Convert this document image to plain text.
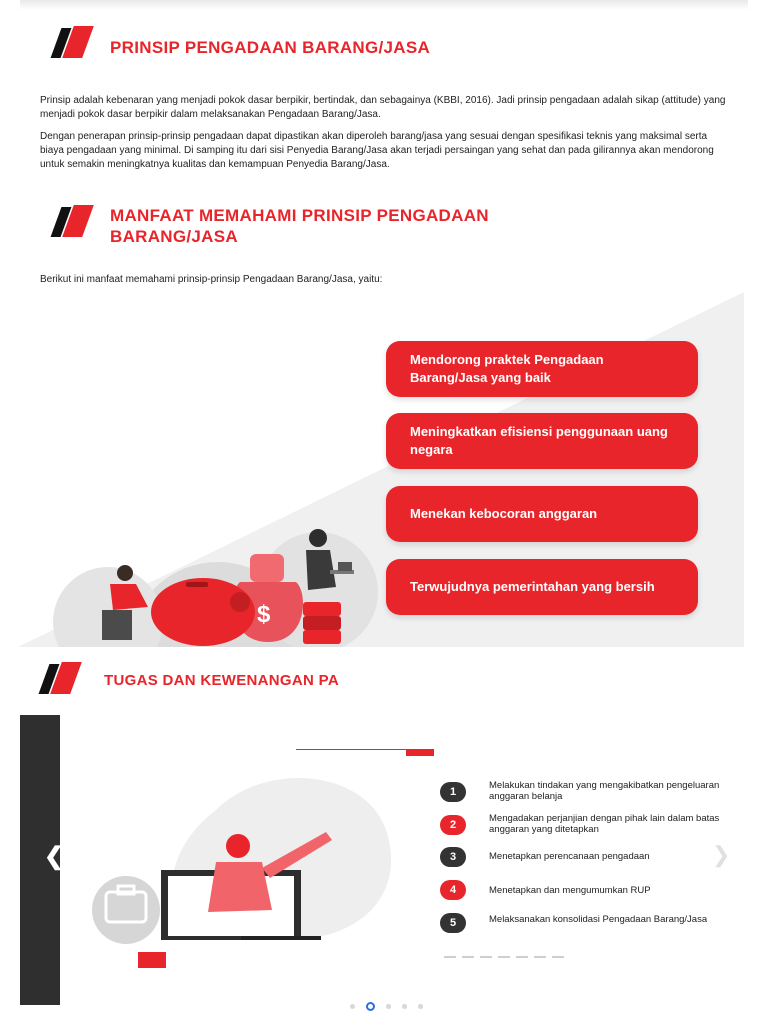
PRINSIP PENGADAAN BARANG/JASA

Prinsip adalah kebenaran yang menjadi pokok dasar berpikir, bertindak, dan sebagainya (KBBI, 2016). Jadi prinsip pengadaan adalah sikap (attitude) yang menjadi pokok dasar berpikir dalam melaksanakan Pengadaan Barang/Jasa.

Dengan penerapan prinsip-prinsip pengadaan dapat dipastikan akan diperoleh barang/jasa yang sesuai dengan spesifikasi teknis yang maksimal serta biaya pengadaan yang minimal. Di samping itu dari sisi Penyedia Barang/Jasa akan terjadi persaingan yang sehat dan pada gilirannya akan mendorong untuk semakin meningkatnya kualitas dan kemampuan Penyedia Barang/Jasa.

MANFAAT MEMAHAMI PRINSIP PENGADAAN
BARANG/JASA

Berikut ini manfaat memahami prinsip-prinsip Pengadaan Barang/Jasa, yaitu:

$
Mendorong praktek Pengadaan Barang/Jasa yang baik
Meningkatkan efisiensi penggunaan uang negara
Menekan kebocoran anggaran
Terwujudnya pemerintahan yang bersih
TUGAS DAN KEWENANGAN PA
❮	❯
1
Melakukan tindakan yang mengakibatkan pengeluaran anggaran belanja
2
Mengadakan perjanjian dengan pihak lain dalam batas anggaran yang ditetapkan
3	Menetapkan perencanaan pengadaan
4	Menetapkan dan mengumumkan RUP
5	Melaksanakan konsolidasi Pengadaan Barang/Jasa
